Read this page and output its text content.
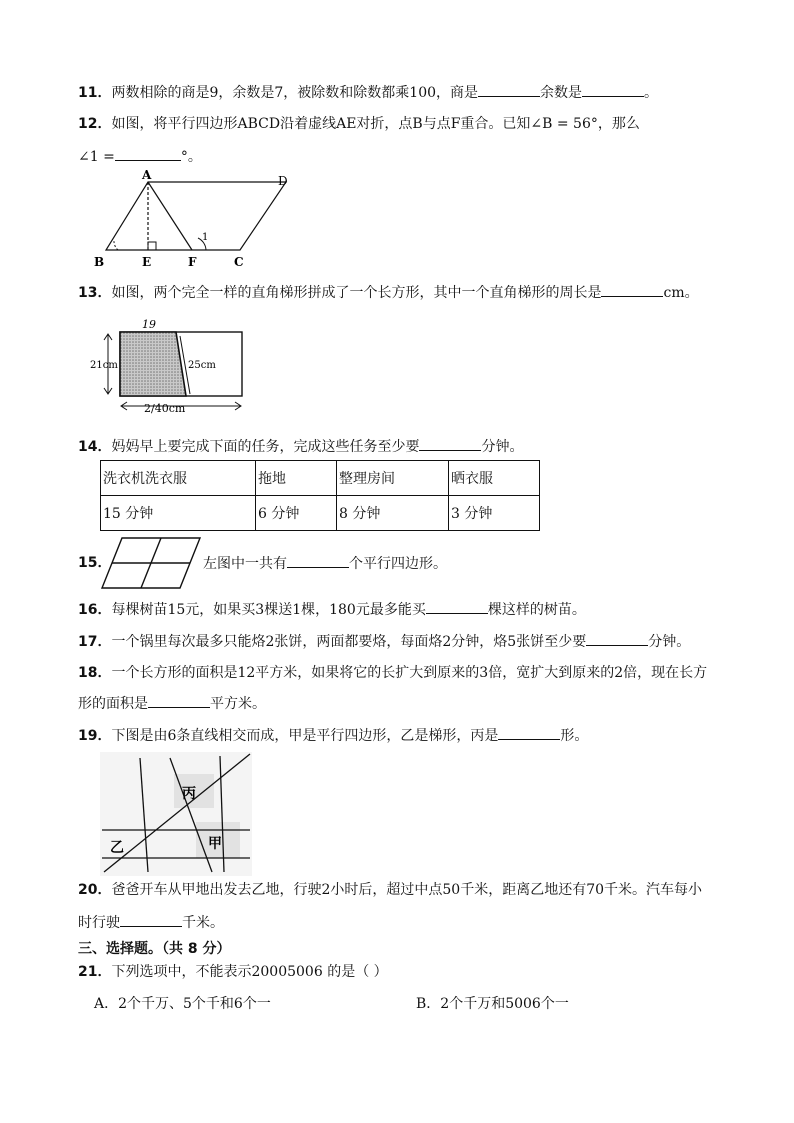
11．两数相除的商是9，余数是7，被除数和除数都乘100，商是	余数是	。
12．如图，将平行四边形ABCD沿着虚线AE对折，点B与点F重合。已知∠B = 56°，那么
∠1 =	°。
A	D
B	E	F	C
1
13．如图，两个完全一样的直角梯形拼成了一个长方形，其中一个直角梯形的周长是	cm。
19
21cm	25cm
2/40cm
14．妈妈早上要完成下面的任务，完成这些任务至少要	分钟。
洗衣机洗衣服	拖地	整理房间	晒衣服
15 分钟	6 分钟	8 分钟	3 分钟
15．	左图中一共有	个平行四边形。
16．每棵树苗15元，如果买3棵送1棵，180元最多能买	棵这样的树苗。
17．一个锅里每次最多只能烙2张饼，两面都要烙，每面烙2分钟，烙5张饼至少要	分钟。
18．一个长方形的面积是12平方米，如果将它的长扩大到原来的3倍，宽扩大到原来的2倍，现在长方
形的面积是	平方米。
19．下图是由6条直线相交而成，甲是平行四边形，乙是梯形，丙是	形。
丙
乙	甲
20．爸爸开车从甲地出发去乙地，行驶2小时后，超过中点50千米，距离乙地还有70千米。汽车每小
时行驶	千米。
三、选择题。（共 8 分）
21．下列选项中，不能表示20005006 的是（ ）
A．2个千万、5个千和6个一	B．2个千万和5006个一
